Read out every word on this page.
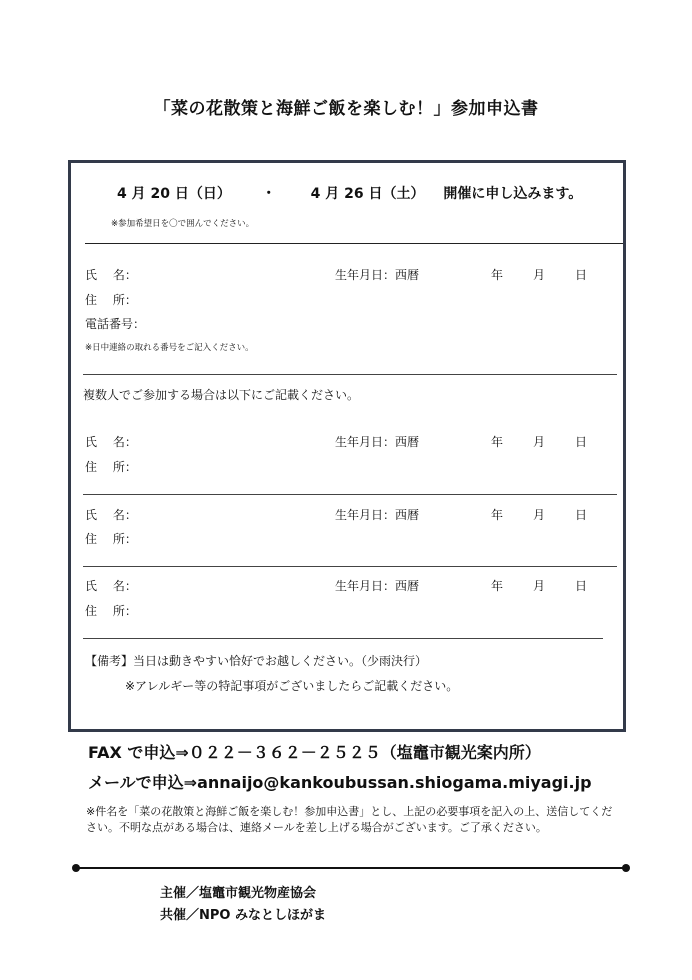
「菜の花散策と海鮮ご飯を楽しむ！」参加申込書
4 月 20 日（日） ・ 4 月 26 日（土） 開催に申し込みます。
※参加希望日を〇で囲んでください。
氏　 名：	生年月日：西暦	年 月 日
住　 所：
電話番号：
※日中連絡の取れる番号をご記入ください。
複数人でご参加する場合は以下にご記載ください。
氏　 名：	生年月日：西暦	年 月 日
住　 所：
氏　 名：	生年月日：西暦	年 月 日
住　 所：
氏　 名：	生年月日：西暦	年 月 日
住　 所：
【備考】当日は動きやすい恰好でお越しください。（少雨決行）
※アレルギー等の特記事項がございましたらご記載ください。
FAX で申込⇒０２２－３６２－２５２５（塩竈市観光案内所）
メールで申込⇒annaijo@kankoubussan.shiogama.miyagi.jp
※件名を「菜の花散策と海鮮ご飯を楽しむ！参加申込書」とし、上記の必要事項を記入の上、送信してください。不明な点がある場合は、連絡メールを差し上げる場合がございます。ご了承ください。
主催／塩竈市観光物産協会
共催／NPO みなとしほがま
